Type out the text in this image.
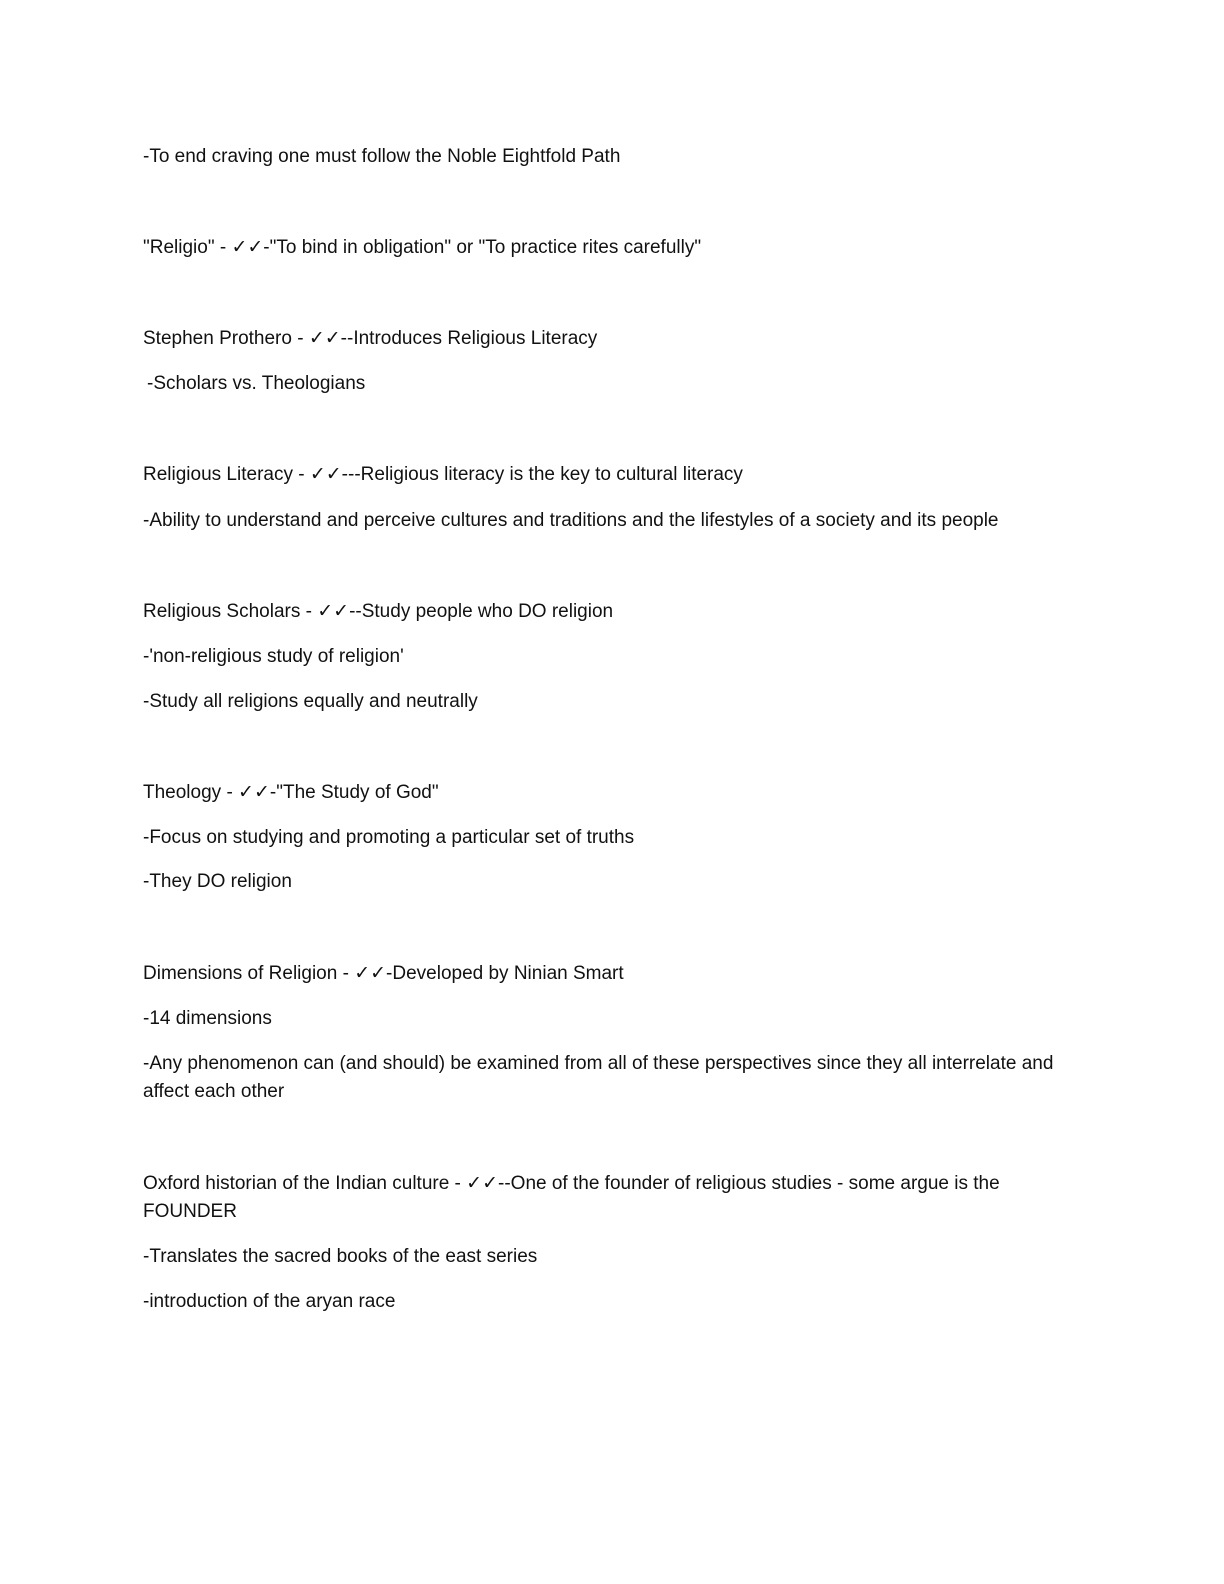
-To end craving one must follow the Noble Eightfold Path
"Religio" - ✓✓-"To bind in obligation" or "To practice rites carefully"
Stephen Prothero - ✓✓--Introduces Religious Literacy
-Scholars vs. Theologians
Religious Literacy - ✓✓---Religious literacy is the key to cultural literacy
-Ability to understand and perceive cultures and traditions and the lifestyles of a society and its people
Religious Scholars - ✓✓--Study people who DO religion
-'non-religious study of religion'
-Study all religions equally and neutrally
Theology - ✓✓-"The Study of God"
-Focus on studying and promoting a particular set of truths
-They DO religion
Dimensions of Religion - ✓✓-Developed by Ninian Smart
-14 dimensions
-Any phenomenon can (and should) be examined from all of these perspectives since they all interrelate and affect each other
Oxford historian of the Indian culture - ✓✓--One of the founder of religious studies - some argue is the FOUNDER
-Translates the sacred books of the east series
-introduction of the aryan race
